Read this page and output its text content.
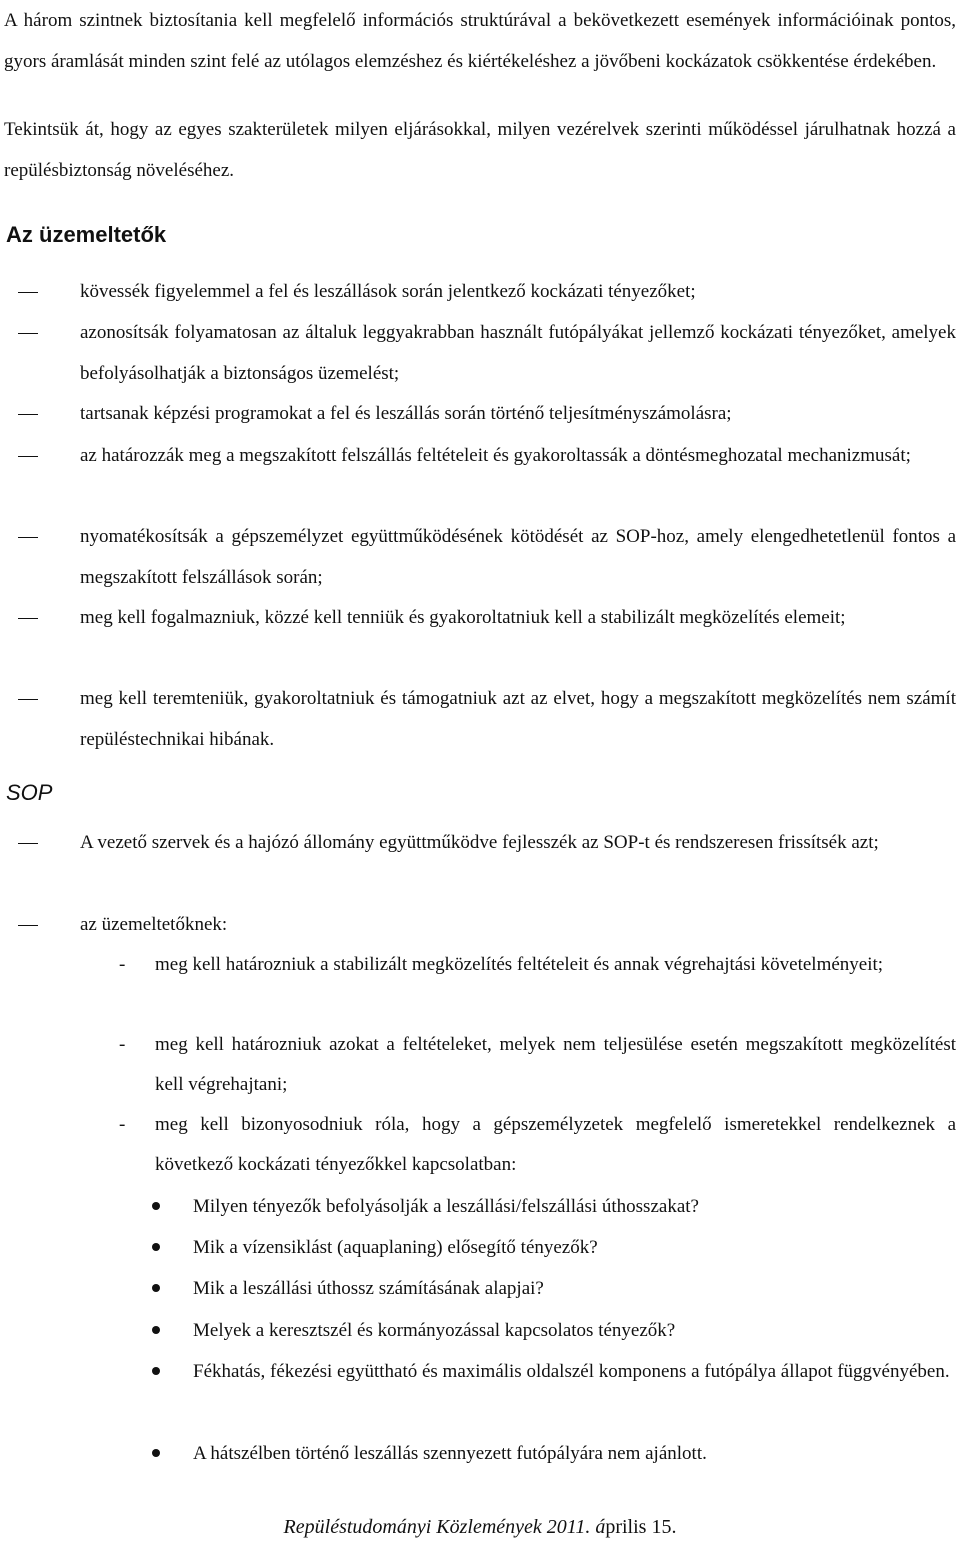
A három szintnek biztosítania kell megfelelő információs struktúrával a bekövetkezett események információinak pontos, gyors áramlását minden szint felé az utólagos elemzéshez és kiértékeléshez a jövőbeni kockázatok csökkentése érdekében.

Tekintsük át, hogy az egyes szakterületek milyen eljárásokkal, milyen vezérelvek szerinti működéssel járulhatnak hozzá a repülésbiztonság növeléséhez.

Az üzemeltetők

kövessék figyelemmel a fel és leszállások során jelentkező kockázati tényezőket;

azonosítsák folyamatosan az általuk leggyakrabban használt futópályákat jellemző kockázati tényezőket, amelyek befolyásolhatják a biztonságos üzemelést;

tartsanak képzési programokat a fel és leszállás során történő teljesítményszámolásra;

az határozzák meg a megszakított felszállás feltételeit és gyakoroltassák a döntésmeghozatal mechanizmusát;

nyomatékosítsák a gépszemélyzet együttműködésének kötödését az SOP-hoz, amely elengedhetetlenül fontos a megszakított felszállások során;

meg kell fogalmazniuk, közzé kell tenniük és gyakoroltatniuk kell a stabilizált megközelítés elemeit;

meg kell teremteniük, gyakoroltatniuk és támogatniuk azt az elvet, hogy a megszakított megközelítés nem számít repüléstechnikai hibának.

SOP

A vezető szervek és a hajózó állomány együttműködve fejlesszék az SOP-t és rendszeresen frissítsék azt;

az üzemeltetőknek:

- meg kell határozniuk a stabilizált megközelítés feltételeit és annak végrehajtási követelményeit;

- meg kell határozniuk azokat a feltételeket, melyek nem teljesülése esetén megszakított megközelítést kell végrehajtani;

- meg kell bizonyosodniuk róla, hogy a gépszemélyzetek megfelelő ismeretekkel rendelkeznek a következő kockázati tényezőkkel kapcsolatban:

Milyen tényezők befolyásolják a leszállási/felszállási úthosszakat?

Mik a vízensiklást (aquaplaning) elősegítő tényezők?

Mik a leszállási úthossz számításának alapjai?

Melyek a keresztszél és kormányozással kapcsolatos tényezők?

Fékhatás, fékezési együttható és maximális oldalszél komponens a futópálya állapot függvényében.

A hátszélben történő leszállás szennyezett futópályára nem ajánlott.

Repüléstudományi Közlemények 2011. április 15.
